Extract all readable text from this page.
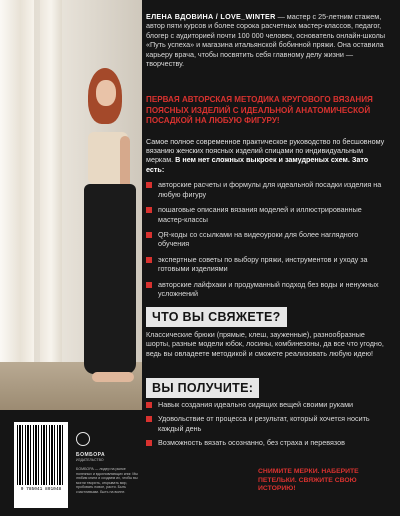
ЕЛЕНА ВДОВИНА / LOVE_WINTER — мастер с 25-летним стажем, автор пяти курсов и более сорока расчетных мастер-классов, педагог, блогер с аудиторией почти 100 000 человек, основатель онлайн-школы «Путь успеха» и магазина итальянской бобинной пряжи. Она оставила карьеру врача, чтобы посвятить себя главному делу жизни — творчеству.

ПЕРВАЯ АВТОРСКАЯ МЕТОДИКА КРУГОВОГО ВЯЗАНИЯ ПОЯСНЫХ ИЗДЕЛИЙ С ИДЕАЛЬНОЙ АНАТОМИЧЕСКОЙ ПОСАДКОЙ НА ЛЮБУЮ ФИГУРУ!

Самое полное современное практическое руководство по бесшовному вязанию женских поясных изделий спицами по индивидуальным меркам. В нем нет сложных выкроек и замудреных схем. Зато есть:

авторские расчеты и формулы для идеальной посадки изделия на любую фигуру
пошаговые описания вязания моделей и иллюстрированные мастер-классы
QR-коды со ссылками на видеоуроки для более наглядного обучения
экспертные советы по выбору пряжи, инструментов и уходу за готовыми изделиями
авторские лайфхаки и продуманный подход без воды и ненужных усложнений
ЧТО ВЫ СВЯЖЕТЕ?

Классические брюки (прямые, клеш, зауженные), разнообразные шорты, разные модели юбок, лосины, комбинезоны, да все что угодно, ведь вы овладеете методикой и сможете реализовать любую идею!

ВЫ ПОЛУЧИТЕ:
Навык создания идеально сидящих вещей своими руками
Удовольствие от процесса и результат, который хочется носить каждый день
Возможность вязать осознанно, без страха и перевязов

СНИМИТЕ МЕРКИ. НАБЕРИТЕ ПЕТЕЛЬКИ. СВЯЖИТЕ СВОЮ ИСТОРИЮ!

9 785041 801048
БОМБОРА
ИЗДАТЕЛЬСТВО

БОМБОРА — лидер на рынке полезных и вдохновляющих книг. Мы любим книги и создаем их, чтобы вы могли творить, открывать мир, пробовать новое, расти. Быть счастливыми. Быть на волне.
